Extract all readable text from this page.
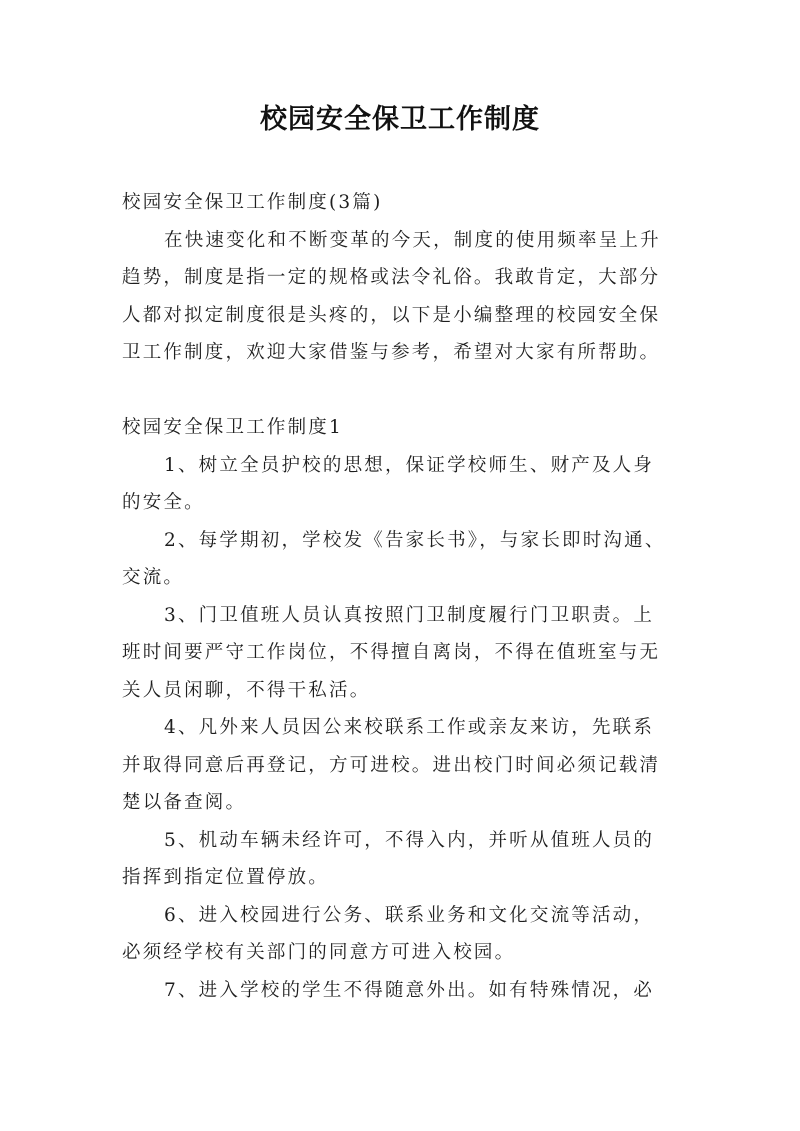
校园安全保卫工作制度
校园安全保卫工作制度(3篇)
在快速变化和不断变革的今天，制度的使用频率呈上升
趋势，制度是指一定的规格或法令礼俗。我敢肯定，大部分
人都对拟定制度很是头疼的，以下是小编整理的校园安全保
卫工作制度，欢迎大家借鉴与参考，希望对大家有所帮助。
校园安全保卫工作制度1
1、树立全员护校的思想，保证学校师生、财产及人身
的安全。
2、每学期初，学校发《告家长书》，与家长即时沟通、
交流。
3、门卫值班人员认真按照门卫制度履行门卫职责。上
班时间要严守工作岗位，不得擅自离岗，不得在值班室与无
关人员闲聊，不得干私活。
4、凡外来人员因公来校联系工作或亲友来访，先联系
并取得同意后再登记，方可进校。进出校门时间必须记载清
楚以备查阅。
5、机动车辆未经许可，不得入内，并听从值班人员的
指挥到指定位置停放。
6、进入校园进行公务、联系业务和文化交流等活动，
必须经学校有关部门的同意方可进入校园。
7、进入学校的学生不得随意外出。如有特殊情况，必
